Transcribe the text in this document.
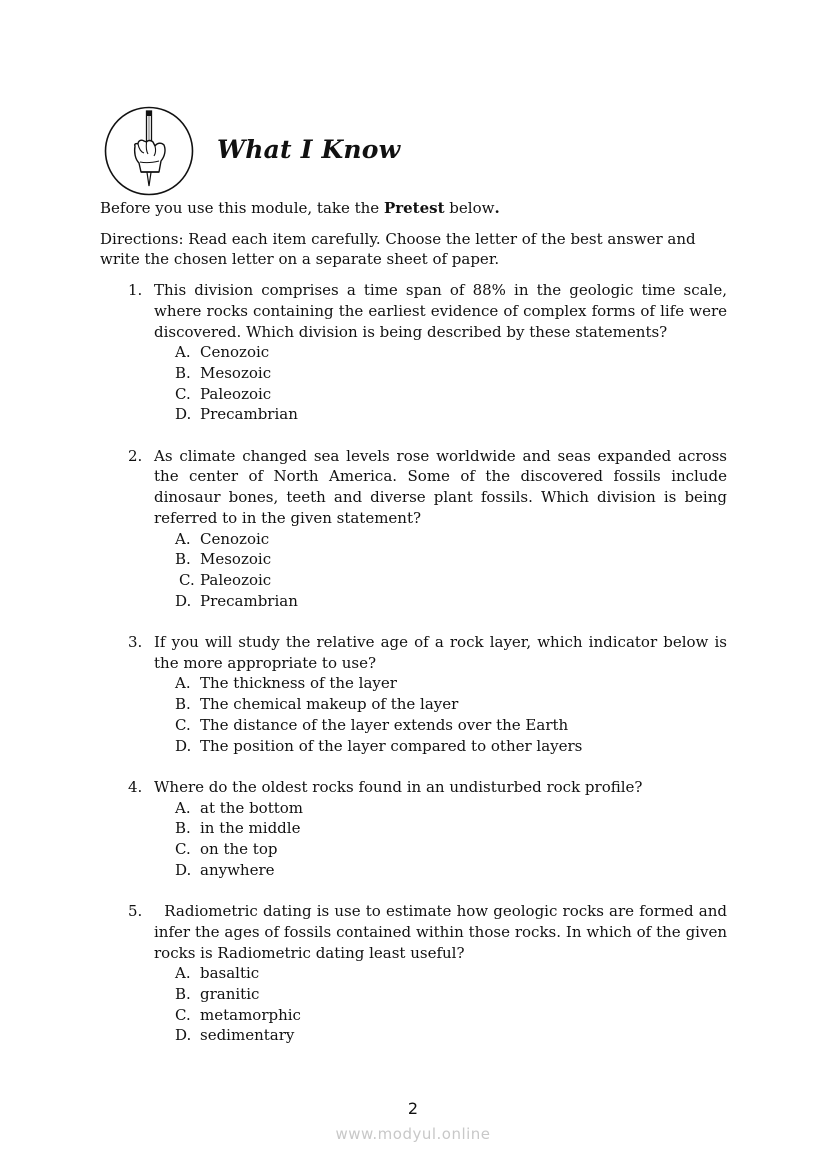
What I Know

Before you use this module, take the Pretest below.

Directions: Read each item carefully. Choose the letter of the best answer and write the chosen letter on a separate sheet of paper.

1. This division comprises a time span of 88% in the geologic time scale, where rocks containing the earliest evidence of complex forms of life were discovered. Which division is being described by these statements?
A. Cenozoic
B. Mesozoic
C. Paleozoic
D. Precambrian
2. As climate changed sea levels rose worldwide and seas expanded across the center of North America. Some of the discovered fossils include dinosaur bones, teeth and diverse plant fossils. Which division is being referred to in the given statement?
A. Cenozoic
B. Mesozoic
C. Paleozoic
D. Precambrian
3. If you will study the relative age of a rock layer, which indicator below is the more appropriate to use?
A. The thickness of the layer
B. The chemical makeup of the layer
C. The distance of the layer extends over the Earth
D. The position of the layer compared to other layers
4. Where do the oldest rocks found in an undisturbed rock profile?
A. at the bottom
B. in the middle
C. on the top
D. anywhere
5. Radiometric dating is use to estimate how geologic rocks are formed and infer the ages of fossils contained within those rocks. In which of the given rocks is Radiometric dating least useful?
A. basaltic
B. granitic
C. metamorphic
D. sedimentary
2
www.modyul.online
